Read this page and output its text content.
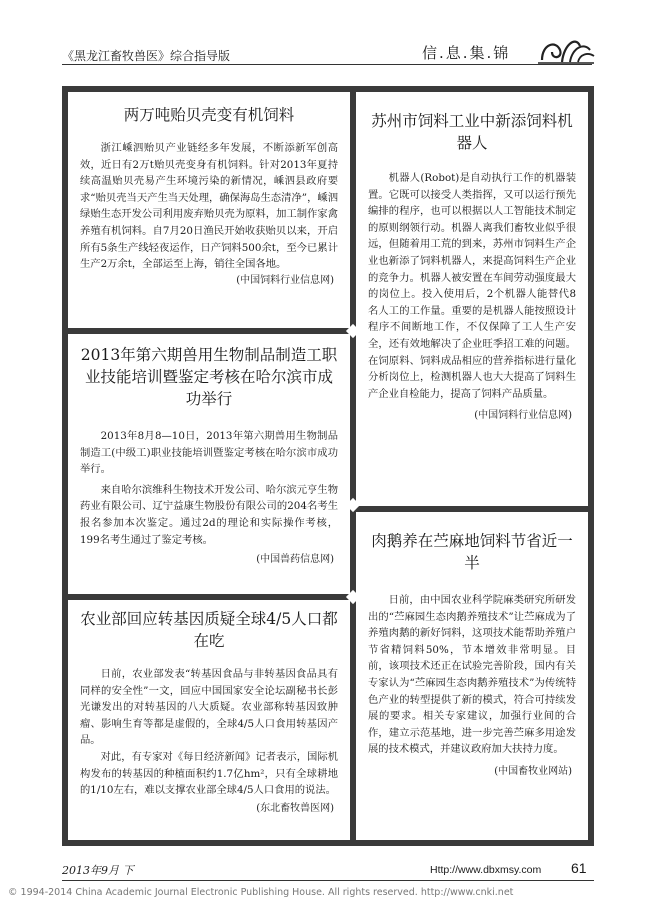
《黑龙江畜牧兽医》综合指导版	信.息.集.锦

两万吨贻贝壳变有机饲料

浙江嵊泗贻贝产业链经多年发展，不断添新军创高效，近日有2万t贻贝壳变身有机饲料。针对2013年夏持续高温贻贝壳易产生环境污染的新情况，嵊泗县政府要求“贻贝壳当天产生当天处理，确保海岛生态清净”，嵊泗绿贻生态开发公司利用废弃贻贝壳为原料，加工制作家禽养殖有机饲料。自7月20日渔民开始收获贻贝以来，开启所有5条生产线轻夜运作，日产饲料500余t，至今已累计生产2万余t，全部运至上海，销往全国各地。

(中国饲料行业信息网)

2013年第六期兽用生物制品制造工职业技能培训暨鉴定考核在哈尔滨市成功举行

2013年8月8—10日，2013年第六期兽用生物制品制造工(中级工)职业技能培训暨鉴定考核在哈尔滨市成功举行。

来自哈尔滨维科生物技术开发公司、哈尔滨元亨生物药业有限公司、辽宁益康生物股份有限公司的204名考生报名参加本次鉴定。通过2d的理论和实际操作考核，199名考生通过了鉴定考核。

(中国兽药信息网)

农业部回应转基因质疑全球4/5人口都在吃

日前，农业部发表“转基因食品与非转基因食品具有同样的安全性”一文，回应中国国家安全论坛副秘书长彭光谦发出的对转基因的八大质疑。农业部称转基因致肿瘤、影响生育等都是虚假的，全球4/5人口食用转基因产品。

对此，有专家对《每日经济新闻》记者表示，国际机构发布的转基因的种植面积约1.7亿hm²，只有全球耕地的1/10左右，难以支撑农业部全球4/5人口食用的说法。

(东北畜牧兽医网)

苏州市饲料工业中新添饲料机器人

机器人(Robot)是自动执行工作的机器装置。它既可以接受人类指挥，又可以运行预先编排的程序，也可以根据以人工智能技术制定的原则纲领行动。机器人离我们畜牧业似乎很远，但随着用工荒的到来，苏州市饲料生产企业也新添了饲料机器人，来提高饲料生产企业的竞争力。机器人被安置在车间劳动强度最大的岗位上。投入使用后，2个机器人能替代8名人工的工作量。重要的是机器人能按照设计程序不间断地工作，不仅保障了工人生产安全，还有效地解决了企业旺季招工难的问题。在饲原料、饲料成品相应的营养指标进行量化分析岗位上，检测机器人也大大提高了饲料生产企业自检能力，提高了饲料产品质量。

(中国饲料行业信息网)

肉鹅养在苎麻地饲料节省近一半

日前，由中国农业科学院麻类研究所研发出的“苎麻园生态肉鹅养殖技术”让苎麻成为了养殖肉鹅的新好饲料，这项技术能帮助养殖户节省精饲料50%，节本增效非常明显。目前，该项技术还正在试验完善阶段，国内有关专家认为“苎麻园生态肉鹅养殖技术”为传统特色产业的转型提供了新的模式，符合可持续发展的要求。相关专家建议，加强行业间的合作，建立示范基地，进一步完善苎麻多用途发展的技术模式，并建议政府加大扶持力度。

(中国畜牧业网站)

2013年9月 下	Http://www.dbxmsy.com 61
© 1994-2014 China Academic Journal Electronic Publishing House. All rights reserved. http://www.cnki.net
